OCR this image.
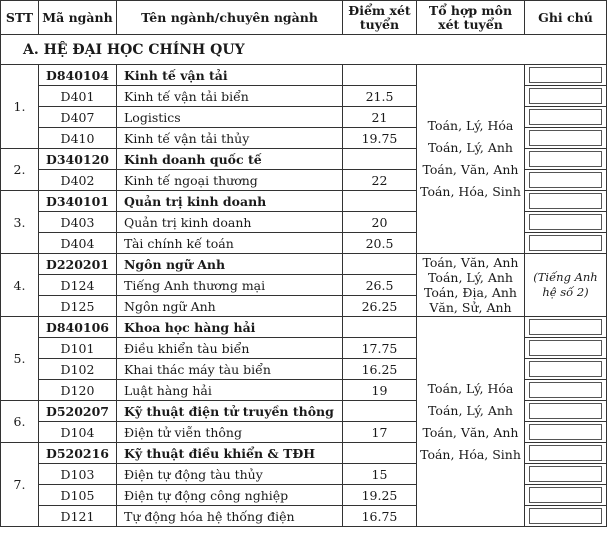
STT	Mã ngành	Tên ngành/chuyên ngành	Điểm xét tuyển	Tổ hợp môn xét tuyển	Ghi chú
A. HỆ ĐẠI HỌC CHÍNH QUY					
1.	D840104	Kinh tế vận tải		Toán, Lý, Hóa
Toán, Lý, Anh
Toán, Văn, Anh
Toán, Hóa, Sinh	

	D401	Kinh tế vận tải biển	21.5		

	D407	Logistics	21		

	D410	Kinh tế vận tải thủy	19.75		

2.	D340120	Kinh doanh quốc tế			

	D402	Kinh tế ngoại thương	22		

3.	D340101	Quản trị kinh doanh			

	D403	Quản trị kinh doanh	20		

	D404	Tài chính kế toán	20.5		

4.	D220201	Ngôn ngữ Anh		Toán, Văn, Anh
Toán, Lý, Anh
Toán, Địa, Anh
Văn, Sử, Anh	(Tiếng Anh hệ số 2)
	D124	Tiếng Anh thương mại	26.5		
	D125	Ngôn ngữ Anh	26.25		
5.	D840106	Khoa học hàng hải		Toán, Lý, Hóa
Toán, Lý, Anh
Toán, Văn, Anh
Toán, Hóa, Sinh	

	D101	Điều khiển tàu biển	17.75		

	D102	Khai thác máy tàu biển	16.25		

	D120	Luật hàng hải	19		

6.	D520207	Kỹ thuật điện tử truyền thông			

	D104	Điện tử viễn thông	17		

7.	D520216	Kỹ thuật điều khiển & TĐH			

	D103	Điện tự động tàu thủy	15		

	D105	Điện tự động công nghiệp	19.25		

	D121	Tự động hóa hệ thống điện	16.75		
